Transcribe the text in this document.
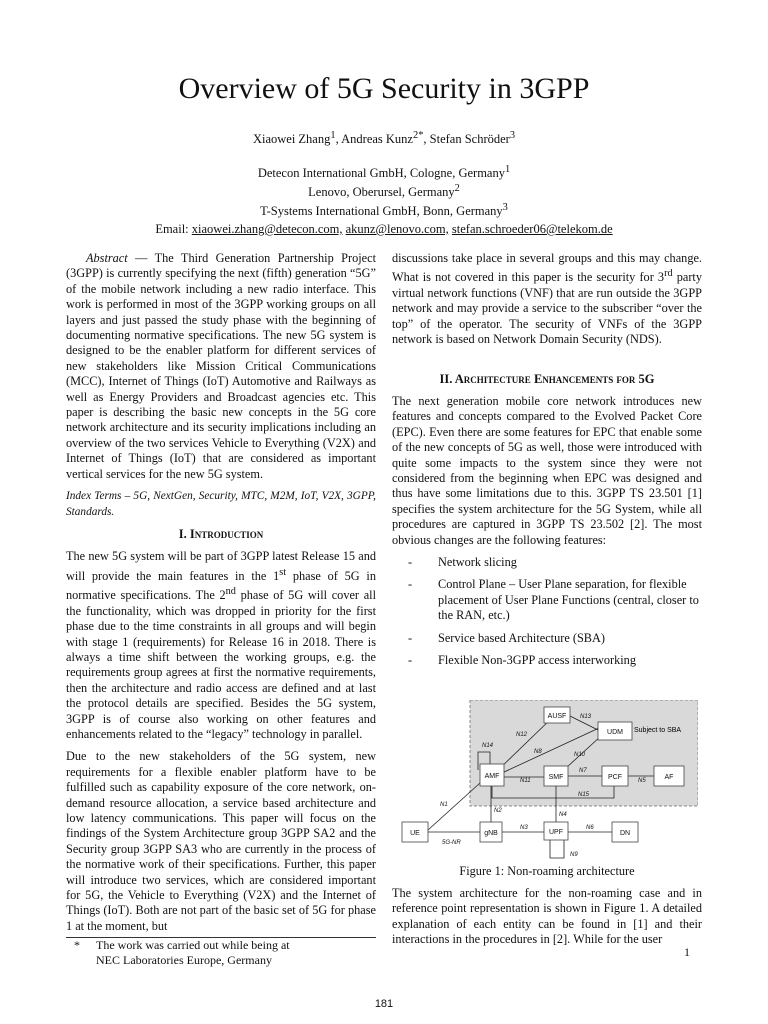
Overview of 5G Security in 3GPP
Xiaowei Zhang$^1$, Andreas Kunz$^{2*}$, Stefan Schröder$^3$
Detecon International GmbH, Cologne, Germany$^1$
Lenovo, Oberursel, Germany$^2$
T-Systems International GmbH, Bonn, Germany$^3$
Email: xiaowei.zhang@detecon.com, akunz@lenovo.com, stefan.schroeder06@telekom.de

Abstract — The Third Generation Partnership Project (3GPP) is currently specifying the next (fifth) generation “5G” of the mobile network including a new radio interface. This work is performed in most of the 3GPP working groups on all layers and just passed the study phase with the beginning of documenting normative specifications. The new 5G system is designed to be the enabler platform for different services of new stakeholders like Mission Critical Communications (MCC), Internet of Things (IoT) Automotive and Railways as well as Energy Providers and Broadcast agencies etc. This paper is describing the basic new concepts in the 5G core network architecture and its security implications including an overview of the two services Vehicle to Everything (V2X) and Internet of Things (IoT) that are considered as important vertical services for the new 5G system.

Index Terms – 5G, NextGen, Security, MTC, M2M, IoT, V2X, 3GPP, Standards.

I. Introduction

The new 5G system will be part of 3GPP latest Release 15 and will provide the main features in the 1st phase of 5G in normative specifications. The 2nd phase of 5G will cover all the functionality, which was dropped in priority for the first phase due to the time constraints in all groups and will begin with stage 1 (requirements) for Release 16 in 2018. There is always a time shift between the working groups, e.g. the requirements group agrees at first the normative requirements, then the architecture and radio access are defined and at last the protocol details are specified. Besides the 5G system, 3GPP is of course also working on other features and enhancements related to the “legacy” technology in parallel.

Due to the new stakeholders of the 5G system, new requirements for a flexible enabler platform have to be fulfilled such as capability exposure of the core network, on-demand resource allocation, a service based architecture and low latency communications. This paper will focus on the findings of the System Architecture group 3GPP SA2 and the Security group 3GPP SA3 who are currently in the process of the normative work of their specifications. Further, this paper will introduce two services, which are considered important for 5G, the Vehicle to Everything (V2X) and the Internet of Things (IoT). Both are not part of the basic set of 5G for phase 1 at the moment, but

* The work was carried out while being at
NEC Laboratories Europe, Germany

discussions take place in several groups and this may change. What is not covered in this paper is the security for 3rd party virtual network functions (VNF) that are run outside the 3GPP network and may provide a service to the subscriber “over the top” of the operator. The security of VNFs of the 3GPP network is based on Network Domain Security (NDS).

II. Architecture Enhancements for 5G

The next generation mobile core network introduces new features and concepts compared to the Evolved Packet Core (EPC). Even there are some features for EPC that enable some of the new concepts of 5G as well, those were introduced with quite some impacts to the system since they were not considered from the beginning when EPC was designed and thus have some limitations due to this. 3GPP TS 23.501 [1] specifies the system architecture for the 5G System, while all procedures are captured in 3GPP TS 23.502 [2]. The most obvious changes are the following features:

- Network slicing
- Control Plane – User Plane separation, for flexible placement of User Plane Functions (central, closer to the RAN, etc.)
- Service based Architecture (SBA)
- Flexible Non-3GPP access interworking
Subject to SBA
AUSF
UDM
AMF	SMF	PCF	AF
UE	gNB	UPF	DN
N13
N12
N14
N8	N10
N7
N11	N5
N15
N1
N2
N4
N3	N6
5G-NR
N9
Figure 1: Non-roaming architecture

The system architecture for the non-roaming case and in reference point representation is shown in Figure 1. A detailed explanation of each entity can be found in [1] and their interactions in the procedures in [2]. While for the user

1
181
